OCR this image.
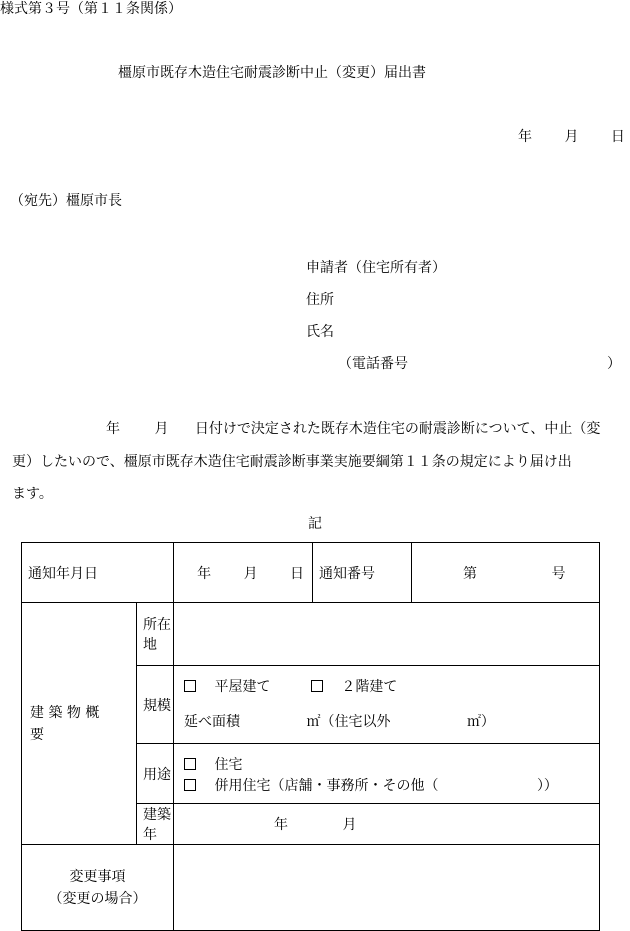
様式第３号（第１１条関係）
橿原市既存木造住宅耐震診断中止（変更）届出書
年 月 日
（宛先）橿原市長
申請者（住宅所有者）
住所
氏名
（電話番号	）
年 月 日付けで決定された既存木造住宅の耐震診断について、中止（変
更）したいので、橿原市既存木造住宅耐震診断事業実施要綱第１１条の規定により届け出
ます。
記
通知年月日		年 月 日	通知番号	第 号

建 築 物 概
要	所在地			
	規模	平屋建て ２階建て
延べ面積 ㎡（住宅以外 ㎡）		

	用途	住宅
併用住宅（店舗・事務所・その他（ ））		

	建築年	年 月		

変更事項
（変更の場合）				
